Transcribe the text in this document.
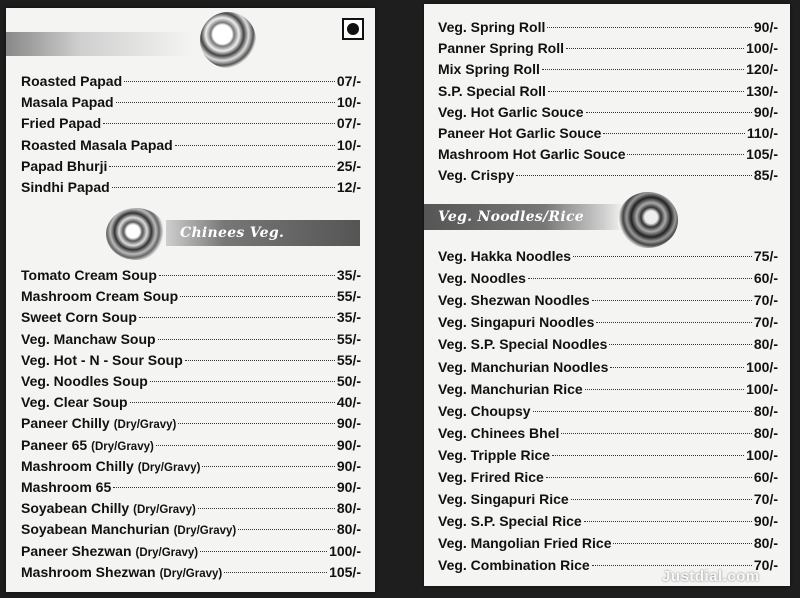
Roasted Papad	07/-
Masala Papad	10/-
Fried Papad	07/-
Roasted Masala Papad	10/-
Papad Bhurji	25/-
Sindhi Papad	12/-
Chinees Veg.
Tomato Cream Soup	35/-
Mashroom Cream Soup	55/-
Sweet Corn Soup	35/-
Veg. Manchaw Soup	55/-
Veg. Hot - N - Sour Soup	55/-
Veg. Noodles Soup	50/-
Veg. Clear Soup	40/-
Paneer Chilly (Dry/Gravy)	90/-
Paneer 65 (Dry/Gravy)	90/-
Mashroom Chilly (Dry/Gravy)	90/-
Mashroom 65	90/-
Soyabean Chilly (Dry/Gravy)	80/-
Soyabean Manchurian (Dry/Gravy)	80/-
Paneer Shezwan (Dry/Gravy)	100/-
Mashroom Shezwan (Dry/Gravy)	105/-
Veg. Spring Roll	90/-
Panner Spring Roll	100/-
Mix Spring Roll	120/-
S.P. Special Roll	130/-
Veg. Hot Garlic Souce	90/-
Paneer Hot Garlic Souce	110/-
Mashroom Hot Garlic Souce	105/-
Veg. Crispy	85/-
Veg. Noodles/Rice
Veg. Hakka Noodles	75/-
Veg. Noodles	60/-
Veg. Shezwan Noodles	70/-
Veg. Singapuri Noodles	70/-
Veg. S.P. Special Noodles	80/-
Veg. Manchurian Noodles	100/-
Veg. Manchurian Rice	100/-
Veg. Choupsy	80/-
Veg. Chinees Bhel	80/-
Veg. Tripple Rice	100/-
Veg. Frired Rice	60/-
Veg. Singapuri Rice	70/-
Veg. S.P. Special Rice	90/-
Veg. Mangolian Fried Rice	80/-
Veg. Combination Rice	70/-
Justdial.com
